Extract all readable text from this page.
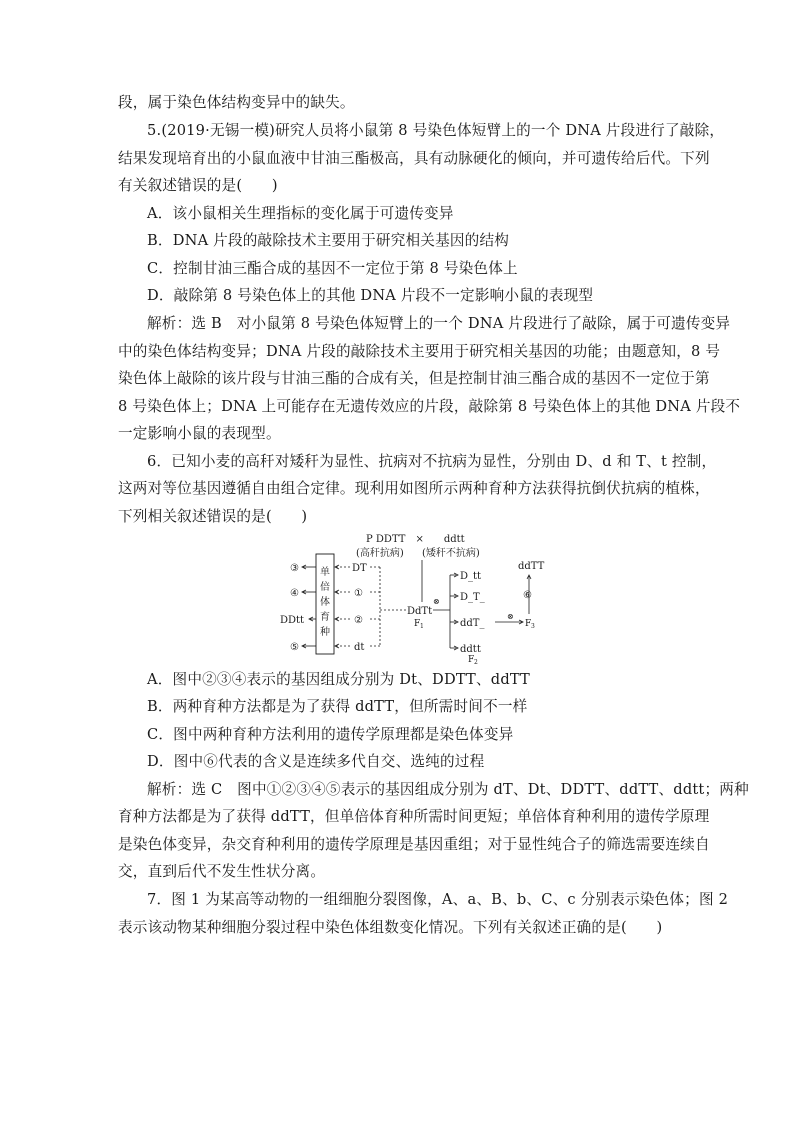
段，属于染色体结构变异中的缺失。
5.(2019·无锡一模)研究人员将小鼠第 8 号染色体短臂上的一个 DNA 片段进行了敲除，
结果发现培育出的小鼠血液中甘油三酯极高，具有动脉硬化的倾向，并可遗传给后代。下列
有关叙述错误的是(　　)
A．该小鼠相关生理指标的变化属于可遗传变异
B．DNA 片段的敲除技术主要用于研究相关基因的结构
C．控制甘油三酯合成的基因不一定位于第 8 号染色体上
D．敲除第 8 号染色体上的其他 DNA 片段不一定影响小鼠的表现型
解析：选 B　对小鼠第 8 号染色体短臂上的一个 DNA 片段进行了敲除，属于可遗传变异
中的染色体结构变异；DNA 片段的敲除技术主要用于研究相关基因的功能；由题意知，8 号
染色体上敲除的该片段与甘油三酯的合成有关，但是控制甘油三酯合成的基因不一定位于第
8 号染色体上；DNA 上可能存在无遗传效应的片段，敲除第 8 号染色体上的其他 DNA 片段不
一定影响小鼠的表现型。
6．已知小麦的高秆对矮秆为显性、抗病对不抗病为显性，分别由 D、d 和 T、t 控制，
这两对等位基因遵循自由组合定律。现利用如图所示两种育种方法获得抗倒伏抗病的植株，
下列相关叙述错误的是(　　)
P DDTT　×　　ddtt
(高秆抗病) (矮秆不抗病)
DdTt
F 1
单
倍
体
育
种
③
④
DDtt
⑤
DT
①
②
dt
⊗
D_tt
D_T_
ddT_
ddtt
F 2
⊗
F 3
⑥
ddTT
A．图中②③④表示的基因组成分别为 Dt、DDTT、ddTT
B．两种育种方法都是为了获得 ddTT，但所需时间不一样
C．图中两种育种方法利用的遗传学原理都是染色体变异
D．图中⑥代表的含义是连续多代自交、选纯的过程
解析：选 C　图中①②③④⑤表示的基因组成分别为 dT、Dt、DDTT、ddTT、ddtt；两种
育种方法都是为了获得 ddTT，但单倍体育种所需时间更短；单倍体育种利用的遗传学原理
是染色体变异，杂交育种利用的遗传学原理是基因重组；对于显性纯合子的筛选需要连续自
交，直到后代不发生性状分离。
7．图 1 为某高等动物的一组细胞分裂图像，A、a、B、b、C、c 分别表示染色体；图 2
表示该动物某种细胞分裂过程中染色体组数变化情况。下列有关叙述正确的是(　　)
